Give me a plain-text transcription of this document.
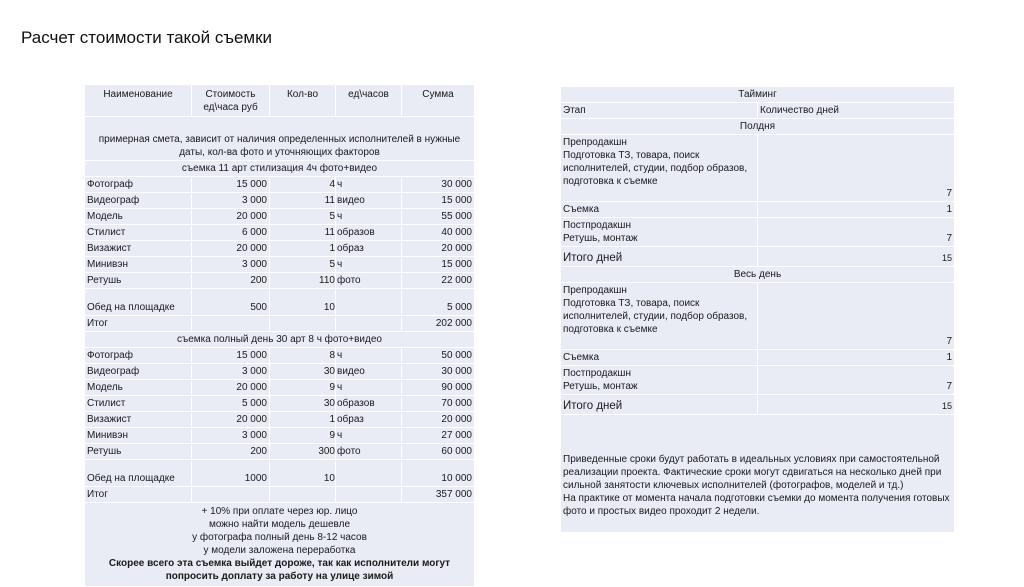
Расчет стоимости такой съемки
Наименование	Стоимость ед\часа руб	Кол-во	ед\часов	Сумма
примерная смета, зависит от наличия определенных исполнителей в нужные даты, кол-ва фото и уточняющих факторов				
съемка 11 арт стилизация 4ч фото+видео				
Фотограф	15 000	4	ч	30 000
Видеограф	3 000	11	видео	15 000
Модель	20 000	5	ч	55 000
Стилист	6 000	11	образов	40 000
Визажист	20 000	1	образ	20 000
Минивэн	3 000	5	ч	15 000
Ретушь	200	110	фото	22 000
Обед на площадке	500	10		5 000
Итог				202 000
съемка полный день 30 арт 8 ч фото+видео				
Фотограф	15 000	8	ч	50 000
Видеограф	3 000	30	видео	30 000
Модель	20 000	9	ч	90 000
Стилист	5 000	30	образов	70 000
Визажист	20 000	1	образ	20 000
Минивэн	3 000	9	ч	27 000
Ретушь	200	300	фото	60 000
Обед на площадке	1000	10		10 000
Итог				357 000

+ 10% при оплате через юр. лицо
можно найти модель дешевле
у фотографа полный день 8-12 часов
у модели заложена переработка
Скорее всего эта съемка выйдет дороже, так как исполнители могут попросить доплату за работу на улице зимой				
Тайминг	
Этап	Количество дней
Полдня	

Препродакшн
Подготовка ТЗ, товара, поиск исполнителей, студии, подбор образов, подготовка к съемке	7
Съемка	1

Постпродакшн
Ретушь, монтаж	7
Итого дней	15
Весь день	

Препродакшн
Подготовка ТЗ, товара, поиск исполнителей, студии, подбор образов, подготовка к съемке	7
Съемка	1

Постпродакшн
Ретушь, монтаж	7
Итого дней	15

Приведенные сроки будут работать в идеальных условиях при самостоятельной реализации проекта. Фактические сроки могут сдвигаться на несколько дней при сильной занятости ключевых исполнителей (фотографов, моделей и тд.)
На практике от момента начала подготовки съемки до момента получения готовых фото и простых видео проходит 2 недели.	
